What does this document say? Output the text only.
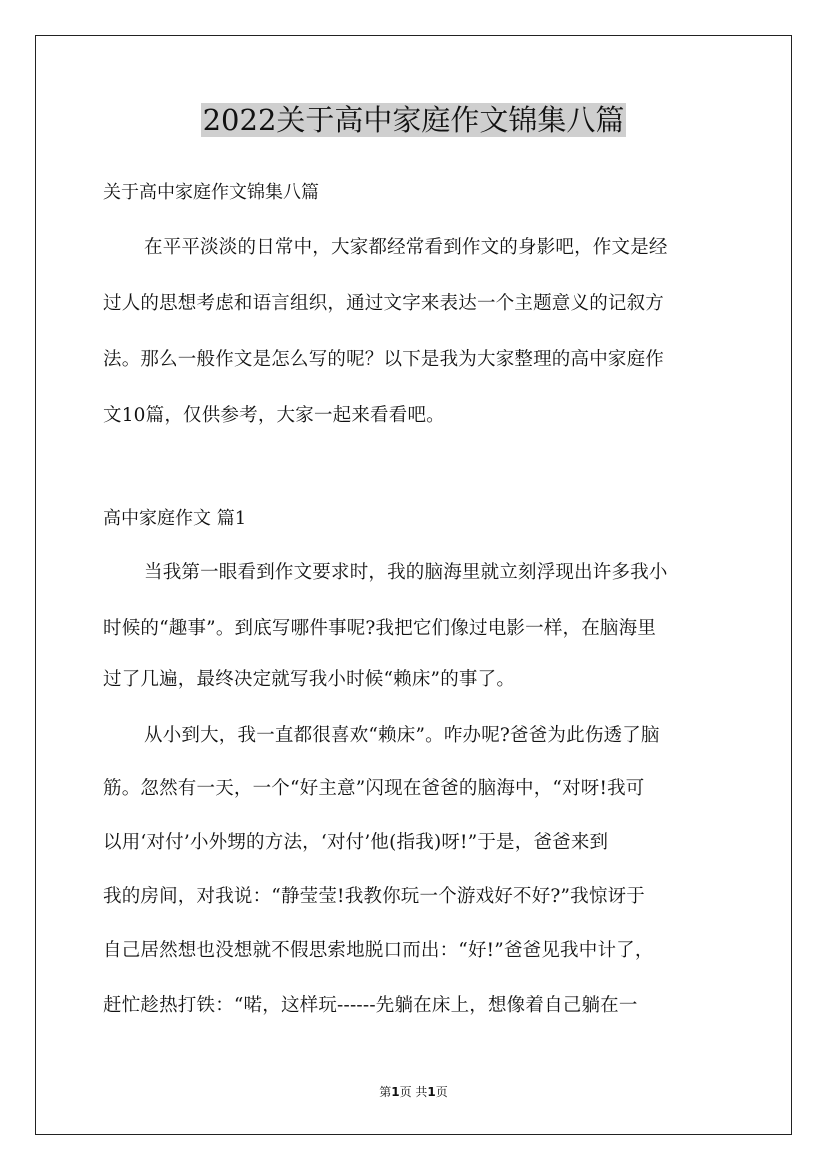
2022关于高中家庭作文锦集八篇
关于高中家庭作文锦集八篇
在平平淡淡的日常中，大家都经常看到作文的身影吧，作文是经
过人的思想考虑和语言组织，通过文字来表达一个主题意义的记叙方
法。那么一般作文是怎么写的呢？以下是我为大家整理的高中家庭作
文10篇，仅供参考，大家一起来看看吧。
高中家庭作文 篇1
当我第一眼看到作文要求时，我的脑海里就立刻浮现出许多我小
时候的“趣事”。到底写哪件事呢?我把它们像过电影一样，在脑海里
过了几遍，最终决定就写我小时候“赖床”的事了。
从小到大，我一直都很喜欢“赖床”。咋办呢?爸爸为此伤透了脑
筋。忽然有一天，一个“好主意”闪现在爸爸的脑海中，“对呀!我可
以用‘对付’小外甥的方法，‘对付’他(指我)呀!”于是，爸爸来到
我的房间，对我说：“静莹莹!我教你玩一个游戏好不好?”我惊讶于
自己居然想也没想就不假思索地脱口而出：“好!”爸爸见我中计了，
赶忙趁热打铁：“喏，这样玩------先躺在床上，想像着自己躺在一
第1页 共1页
